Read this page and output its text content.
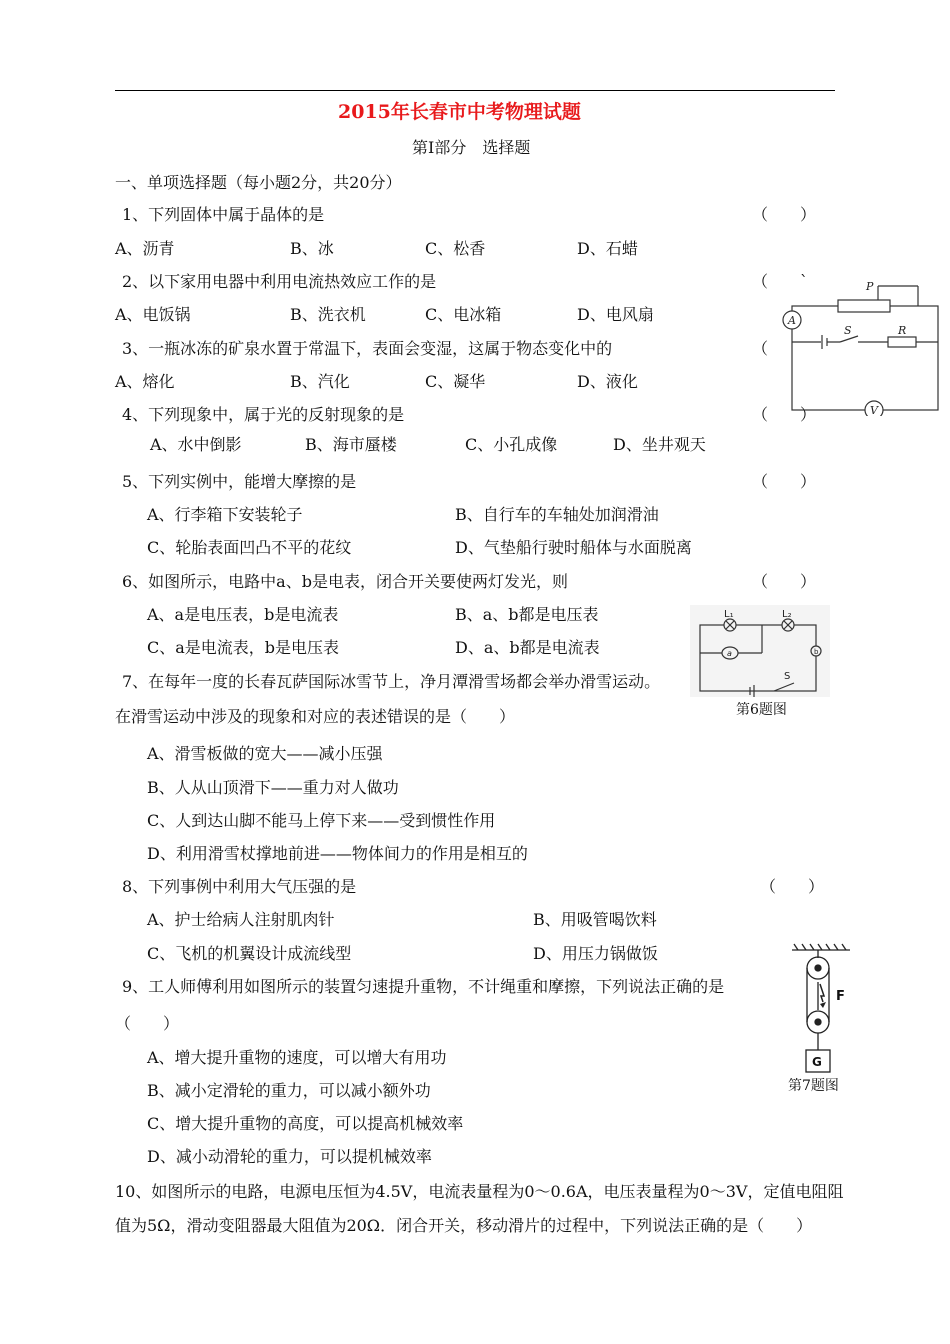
2015年长春市中考物理试题
第Ⅰ部分　选择题
一、单项选择题（每小题2分，共20分）
1、下列固体中属于晶体的是	（　　）
A、沥青	B、冰	C、松香	D、石蜡
2、以下家用电器中利用电流热效应工作的是	（　　`
A、电饭锅	B、洗衣机	C、电冰箱	D、电风扇
3、一瓶冰冻的矿泉水置于常温下，表面会变湿，这属于物态变化中的	（
A、熔化	B、汽化	C、凝华	D、液化
4、下列现象中，属于光的反射现象的是	（　　）
A、水中倒影	B、海市蜃楼	C、小孔成像	D、坐井观天
5、下列实例中，能增大摩擦的是	（　　）
A、行李箱下安装轮子	B、自行车的车轴处加润滑油
C、轮胎表面凹凸不平的花纹	D、气垫船行驶时船体与水面脱离
6、如图所示，电路中a、b是电表，闭合开关要使两灯发光，则	（　　）
A、a是电压表，b是电流表	B、a、b都是电压表
C、a是电流表，b是电压表	D、a、b都是电流表
7、在每年一度的长春瓦萨国际冰雪节上，净月潭滑雪场都会举办滑雪运动。
在滑雪运动中涉及的现象和对应的表述错误的是（　　）
A、滑雪板做的宽大——减小压强
B、人从山顶滑下——重力对人做功
C、人到达山脚不能马上停下来——受到惯性作用
D、利用滑雪杖撑地前进——物体间力的作用是相互的
8、下列事例中利用大气压强的是	（　　）
A、护士给病人注射肌肉针	B、用吸管喝饮料
C、飞机的机翼设计成流线型	D、用压力锅做饭
9、工人师傅利用如图所示的装置匀速提升重物，不计绳重和摩擦，下列说法正确的是
（　　）
A、增大提升重物的速度，可以增大有用功
B、减小定滑轮的重力，可以减小额外功
C、增大提升重物的高度，可以提高机械效率
D、减小动滑轮的重力，可以提机械效率
10、如图所示的电路，电源电压恒为4.5V，电流表量程为0～0.6A，电压表量程为0～3V，定值电阻阻
值为5Ω，滑动变阻器最大阻值为20Ω．闭合开关，移动滑片的过程中，下列说法正确的是（　　）
P
A
S	R
V
L₁	L₂
a	b
S
第6题图
F
G
第7题图
